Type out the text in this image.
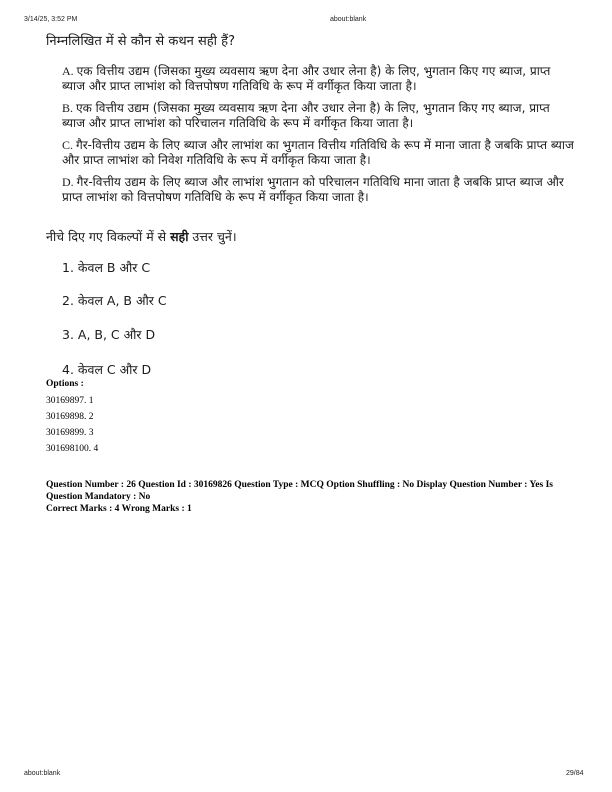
3/14/25, 3:52 PM	about:blank
निम्नलिखित में से कौन से कथन सही हैं?
A. एक वित्तीय उद्यम (जिसका मुख्य व्यवसाय ऋण देना और उधार लेना है) के लिए, भुगतान किए गए ब्याज, प्राप्त ब्याज और प्राप्त लाभांश को वित्तपोषण गतिविधि के रूप में वर्गीकृत किया जाता है।
B. एक वित्तीय उद्यम (जिसका मुख्य व्यवसाय ऋण देना और उधार लेना है) के लिए, भुगतान किए गए ब्याज, प्राप्त ब्याज और प्राप्त लाभांश को परिचालन गतिविधि के रूप में वर्गीकृत किया जाता है।
C. गैर-वित्तीय उद्यम के लिए ब्याज और लाभांश का भुगतान वित्तीय गतिविधि के रूप में माना जाता है जबकि प्राप्त ब्याज और प्राप्त लाभांश को निवेश गतिविधि के रूप में वर्गीकृत किया जाता है।
D. गैर-वित्तीय उद्यम के लिए ब्याज और लाभांश भुगतान को परिचालन गतिविधि माना जाता है जबकि प्राप्त ब्याज और प्राप्त लाभांश को वित्तपोषण गतिविधि के रूप में वर्गीकृत किया जाता है।
नीचे दिए गए विकल्पों में से सही उत्तर चुनें।
1. केवल B और C
2. केवल A, B और C
3. A, B, C और D
4. केवल C और D
Options :
30169897. 1
30169898. 2
30169899. 3
301698100. 4
Question Number : 26 Question Id : 30169826 Question Type : MCQ Option Shuffling : No Display Question Number : Yes Is Question Mandatory : No
Correct Marks : 4 Wrong Marks : 1
about:blank	29/84
